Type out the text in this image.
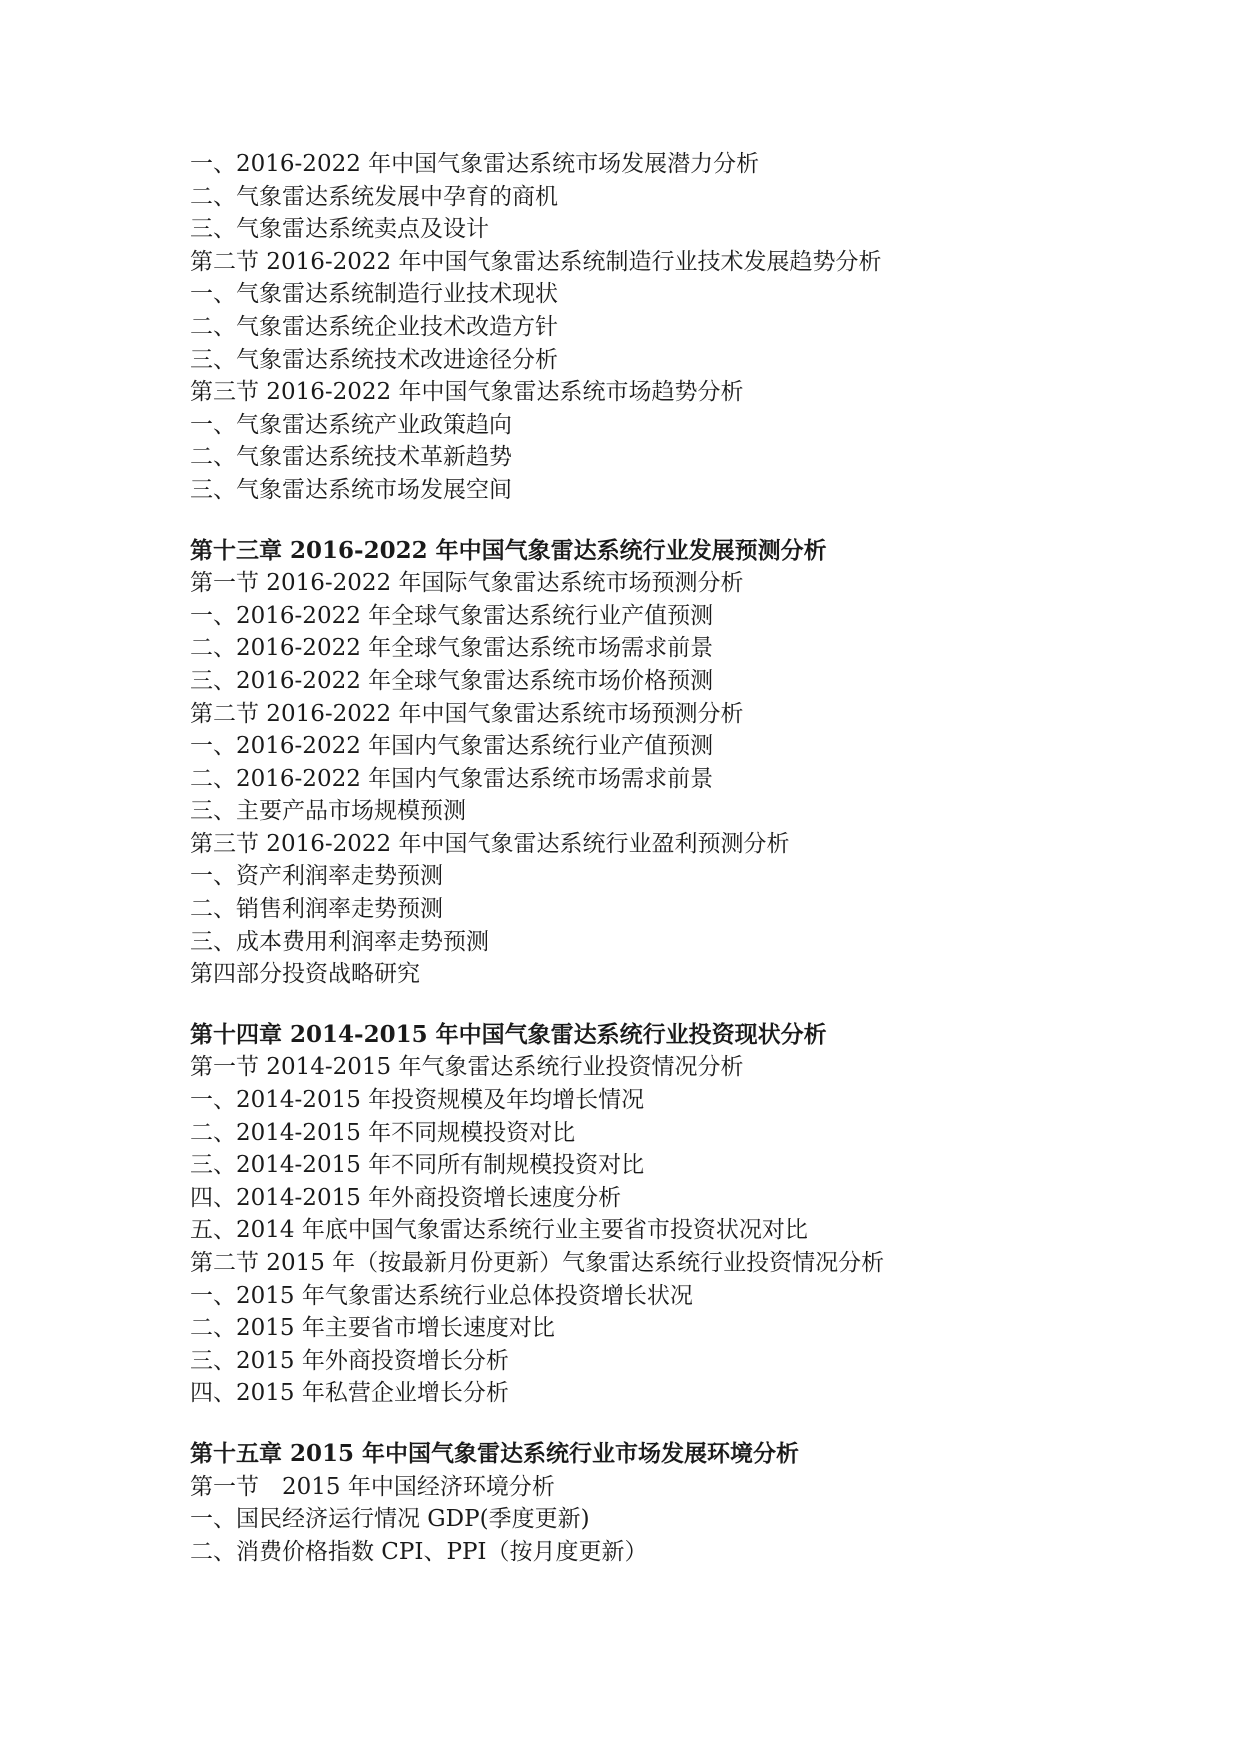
一、2016-2022 年中国气象雷达系统市场发展潜力分析
二、气象雷达系统发展中孕育的商机
三、气象雷达系统卖点及设计
第二节 2016-2022 年中国气象雷达系统制造行业技术发展趋势分析
一、气象雷达系统制造行业技术现状
二、气象雷达系统企业技术改造方针
三、气象雷达系统技术改进途径分析
第三节 2016-2022 年中国气象雷达系统市场趋势分析
一、气象雷达系统产业政策趋向
二、气象雷达系统技术革新趋势
三、气象雷达系统市场发展空间
第十三章 2016-2022 年中国气象雷达系统行业发展预测分析
第一节 2016-2022 年国际气象雷达系统市场预测分析
一、2016-2022 年全球气象雷达系统行业产值预测
二、2016-2022 年全球气象雷达系统市场需求前景
三、2016-2022 年全球气象雷达系统市场价格预测
第二节 2016-2022 年中国气象雷达系统市场预测分析
一、2016-2022 年国内气象雷达系统行业产值预测
二、2016-2022 年国内气象雷达系统市场需求前景
三、主要产品市场规模预测
第三节 2016-2022 年中国气象雷达系统行业盈利预测分析
一、资产利润率走势预测
二、销售利润率走势预测
三、成本费用利润率走势预测
第四部分投资战略研究
第十四章 2014-2015 年中国气象雷达系统行业投资现状分析
第一节 2014-2015 年气象雷达系统行业投资情况分析
一、2014-2015 年投资规模及年均增长情况
二、2014-2015 年不同规模投资对比
三、2014-2015 年不同所有制规模投资对比
四、2014-2015 年外商投资增长速度分析
五、2014 年底中国气象雷达系统行业主要省市投资状况对比
第二节 2015 年（按最新月份更新）气象雷达系统行业投资情况分析
一、2015 年气象雷达系统行业总体投资增长状况
二、2015 年主要省市增长速度对比
三、2015 年外商投资增长分析
四、2015 年私营企业增长分析
第十五章 2015 年中国气象雷达系统行业市场发展环境分析
第一节　2015 年中国经济环境分析
一、国民经济运行情况 GDP(季度更新)
二、消费价格指数 CPI、PPI（按月度更新）
